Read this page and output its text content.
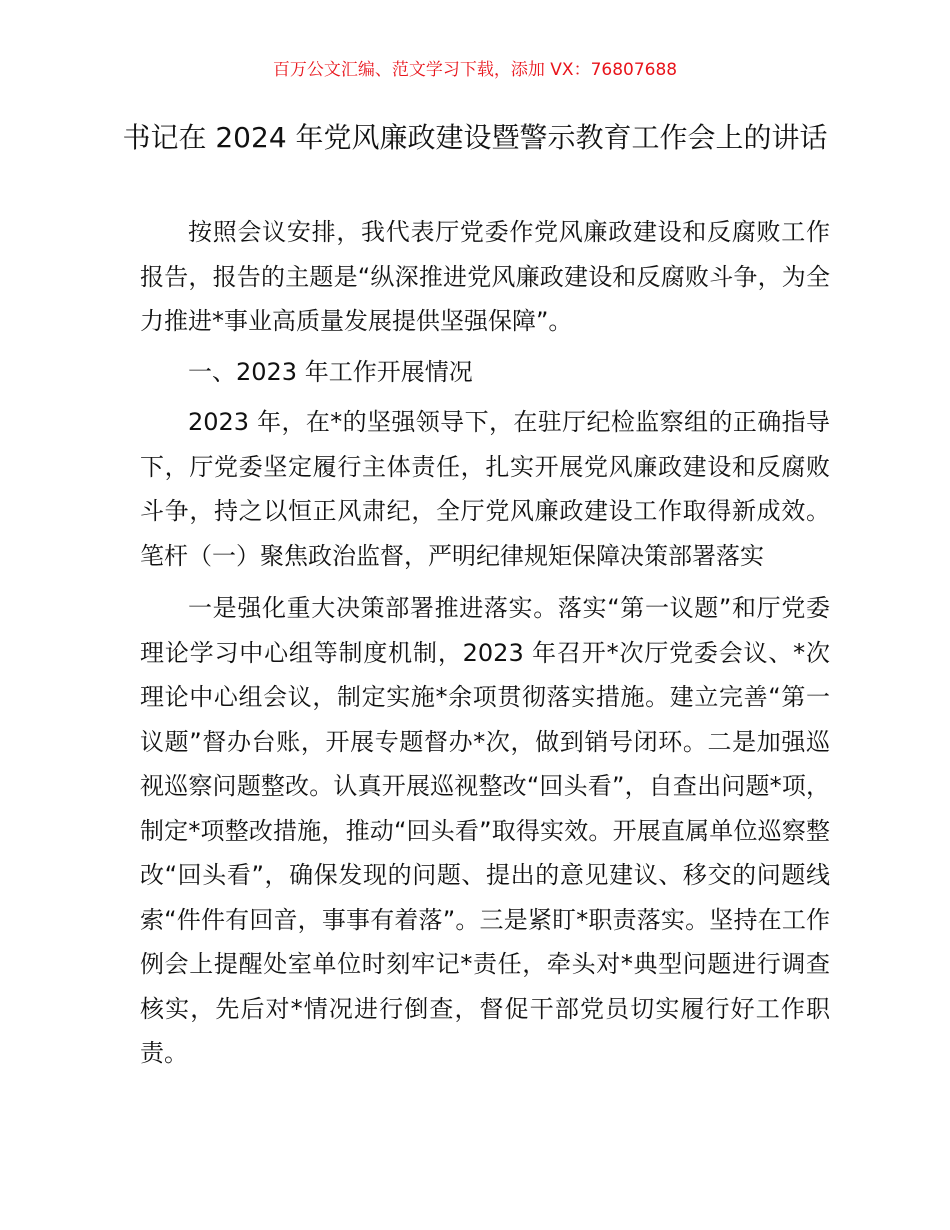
百万公文汇编、范文学习下载，添加 VX：76807688
书记在 2024 年党风廉政建设暨警示教育工作会上的讲话

按照会议安排，我代表厅党委作党风廉政建设和反腐败工作报告，报告的主题是“纵深推进党风廉政建设和反腐败斗争，为全力推进*事业高质量发展提供坚强保障”。

一、2023 年工作开展情况

2023 年，在*的坚强领导下，在驻厅纪检监察组的正确指导下，厅党委坚定履行主体责任，扎实开展党风廉政建设和反腐败斗争，持之以恒正风肃纪，全厅党风廉政建设工作取得新成效。笔杆（一）聚焦政治监督，严明纪律规矩保障决策部署落实

一是强化重大决策部署推进落实。落实“第一议题”和厅党委理论学习中心组等制度机制，2023 年召开*次厅党委会议、*次理论中心组会议，制定实施*余项贯彻落实措施。建立完善“第一议题”督办台账，开展专题督办*次，做到销号闭环。二是加强巡视巡察问题整改。认真开展巡视整改“回头看”，自查出问题*项，制定*项整改措施，推动“回头看”取得实效。开展直属单位巡察整改“回头看”，确保发现的问题、提出的意见建议、移交的问题线索“件件有回音，事事有着落”。三是紧盯*职责落实。坚持在工作例会上提醒处室单位时刻牢记*责任，牵头对*典型问题进行调查核实，先后对*情况进行倒查，督促干部党员切实履行好工作职责。
